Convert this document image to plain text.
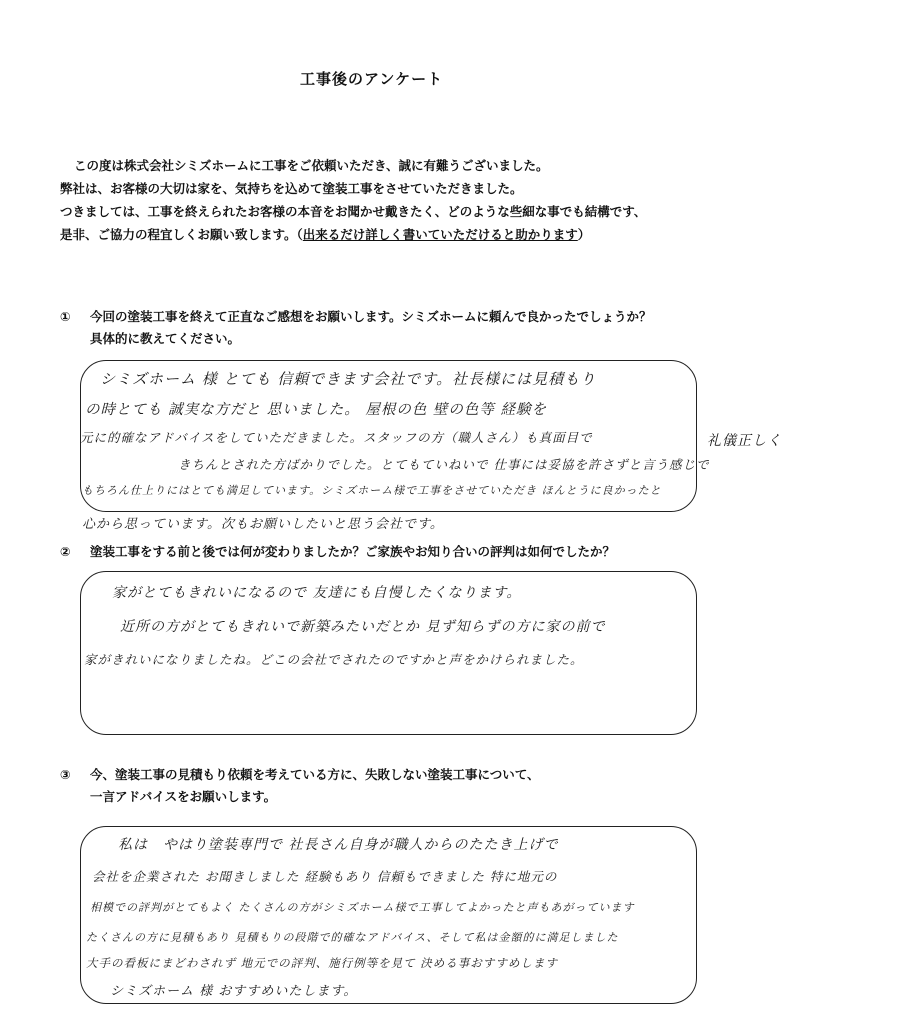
工事後のアンケート
この度は株式会社シミズホームに工事をご依頼いただき、誠に有難うございました。
弊社は、お客様の大切は家を、気持ちを込めて塗装工事をさせていただきました。
つきましては、工事を終えられたお客様の本音をお聞かせ戴きたく、どのような些細な事でも結構です、
是非、ご協力の程宜しくお願い致します。（出来るだけ詳しく書いていただけると助かります）
① 今回の塗装工事を終えて正直なご感想をお願いします。シミズホームに頼んで良かったでしょうか？
具体的に教えてください。
シミズホーム 様 とても 信頼できます会社です。社長様には見積もり
の時とても 誠実な方だと 思いました。 屋根の色 壁の色等 経験を
元に的確なアドバイスをしていただきました。スタッフの方（職人さん）も真面目で	礼儀正しく
きちんとされた方ばかりでした。とてもていねいで 仕事には妥協を許さずと言う感じで
もちろん仕上りにはとても満足しています。シミズホーム様で工事をさせていただき ほんとうに良かったと
心から思っています。次もお願いしたいと思う会社です。
② 塗装工事をする前と後では何が変わりましたか？ご家族やお知り合いの評判は如何でしたか？
家がとてもきれいになるので 友達にも自慢したくなります。
近所の方がとてもきれいで新築みたいだとか 見ず知らずの方に家の前で
家がきれいになりましたね。どこの会社でされたのですかと声をかけられました。
③ 今、塗装工事の見積もり依頼を考えている方に、失敗しない塗装工事について、
一言アドバイスをお願いします。
私は　やはり塗装専門で 社長さん自身が職人からのたたき上げで
会社を企業された お聞きしました 経験もあり 信頼もできました 特に地元の
相模での評判がとてもよく たくさんの方がシミズホーム様で工事してよかったと声もあがっています
たくさんの方に見積もあり 見積もりの段階で的確なアドバイス、そして私は金額的に満足しました
大手の看板にまどわされず 地元での評判、施行例等を見て 決める事おすすめします
シミズホーム 様 おすすめいたします。
